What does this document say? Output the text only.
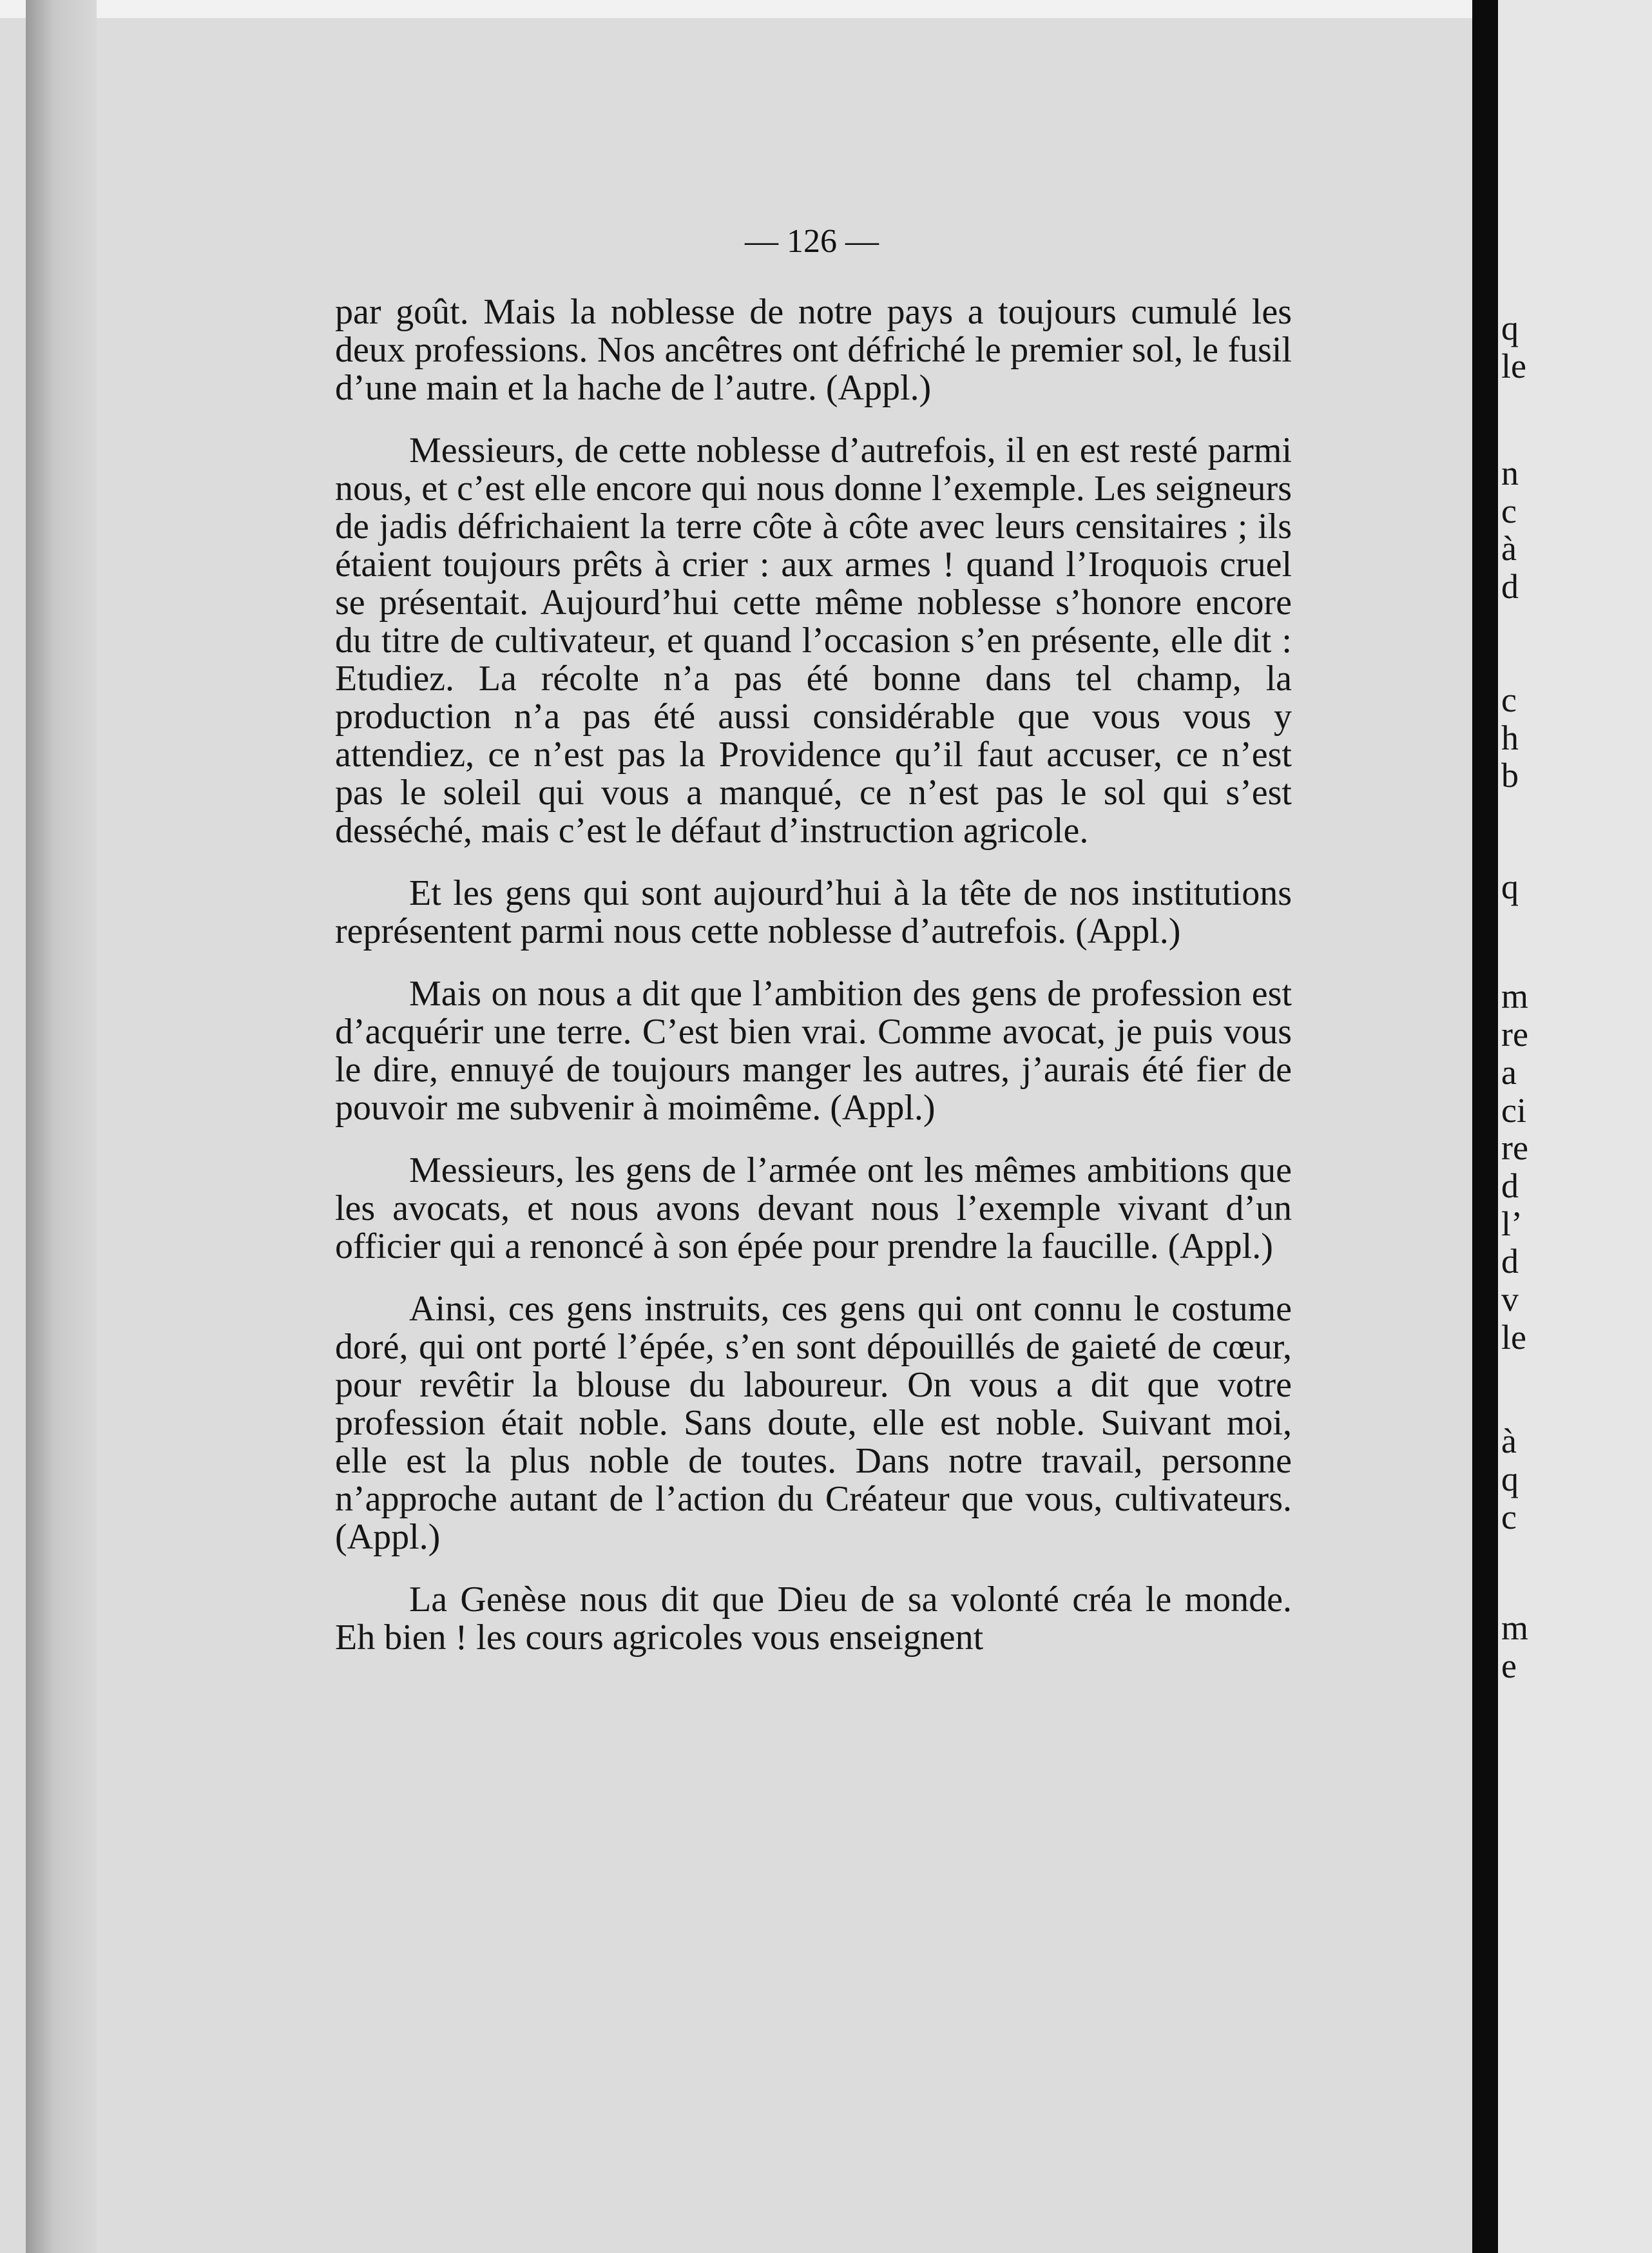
— 126 —

par goût. Mais la noblesse de notre pays a toujours cumulé les deux professions. Nos ancêtres ont défriché le premier sol, le fusil d’une main et la hache de l’autre. (Appl.)

Messieurs, de cette noblesse d’autrefois, il en est resté parmi nous, et c’est elle encore qui nous donne l’exemple. Les seigneurs de jadis défrichaient la terre côte à côte avec leurs censitaires ; ils étaient toujours prêts à crier : aux armes ! quand l’Iroquois cruel se présentait. Aujourd’hui cette même noblesse s’honore encore du titre de cultivateur, et quand l’occasion s’en présente, elle dit : Etudiez. La récolte n’a pas été bonne dans tel champ, la production n’a pas été aussi considérable que vous vous y attendiez, ce n’est pas la Providence qu’il faut accuser, ce n’est pas le soleil qui vous a manqué, ce n’est pas le sol qui s’est desséché, mais c’est le défaut d’instruction agricole.

Et les gens qui sont aujourd’hui à la tête de nos institutions représentent parmi nous cette noblesse d’autrefois. (Appl.)

Mais on nous a dit que l’ambition des gens de profession est d’acquérir une terre. C’est bien vrai. Comme avocat, je puis vous le dire, ennuyé de toujours manger les autres, j’aurais été fier de pouvoir me subvenir à moimême. (Appl.)

Messieurs, les gens de l’armée ont les mêmes ambitions que les avocats, et nous avons devant nous l’exemple vivant d’un officier qui a renoncé à son épée pour prendre la faucille. (Appl.)

Ainsi, ces gens instruits, ces gens qui ont connu le costume doré, qui ont porté l’épée, s’en sont dépouillés de gaieté de cœur, pour revêtir la blouse du laboureur. On vous a dit que votre profession était noble. Sans doute, elle est noble. Suivant moi, elle est la plus noble de toutes. Dans notre travail, personne n’approche autant de l’action du Créateur que vous, cultivateurs. (Appl.)

La Genèse nous dit que Dieu de sa volonté créa le monde. Eh bien ! les cours agricoles vous enseignent

q
le
n
c
à
d
c
h
b
q
m
re
a
ci
re
d
l’
d
v
le
à
q
c
m
e
